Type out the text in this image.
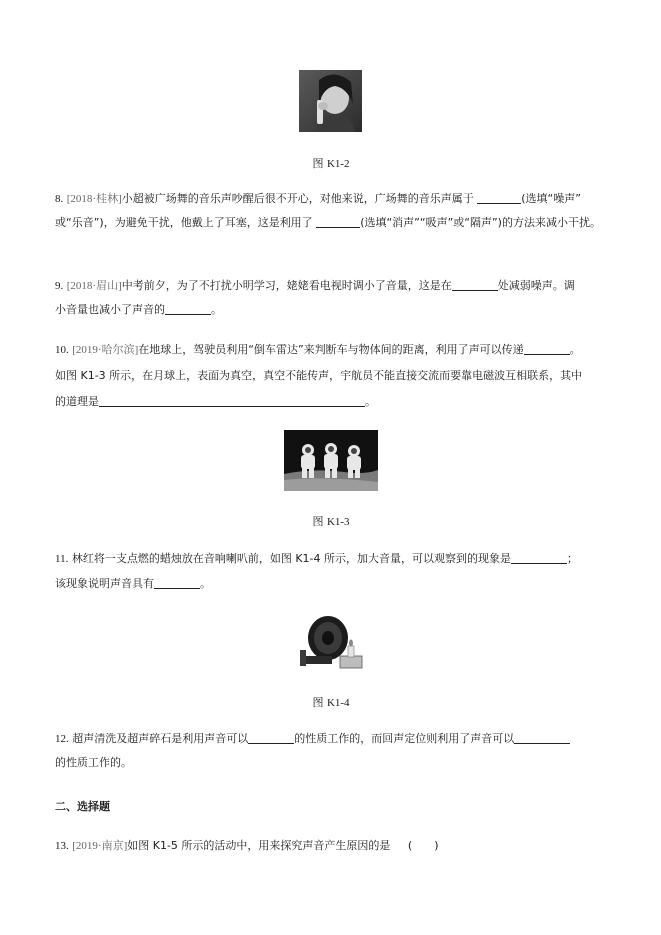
图 K1-2
8. [2018·桂林]小超被广场舞的音乐声吵醒后很不开心，对他来说，广场舞的音乐声属于	(选填“噪声”
或“乐音”)，为避免干扰，他戴上了耳塞，这是利用了	(选填“消声”“吸声”或“隔声”)的方法来减小干扰。
9. [2018·眉山]中考前夕，为了不打扰小明学习，姥姥看电视时调小了音量，这是在	处减弱噪声。调
小音量也减小了声音的	。
10. [2019·哈尔滨]在地球上，驾驶员利用“倒车雷达”来判断车与物体间的距离，利用了声可以传递	。
如图 K1-3 所示，在月球上，表面为真空，真空不能传声，宇航员不能直接交流而要靠电磁波互相联系，其中
的道理是	。
图 K1-3
11. 林红将一支点燃的蜡烛放在音响喇叭前，如图 K1-4 所示，加大音量，可以观察到的现象是	；
该现象说明声音具有	。
图 K1-4
12. 超声清洗及超声碎石是利用声音可以	的性质工作的，而回声定位则利用了声音可以
的性质工作的。
二、选择题
13. [2019·南京]如图 K1-5 所示的活动中，用来探究声音产生原因的是 (　　)
